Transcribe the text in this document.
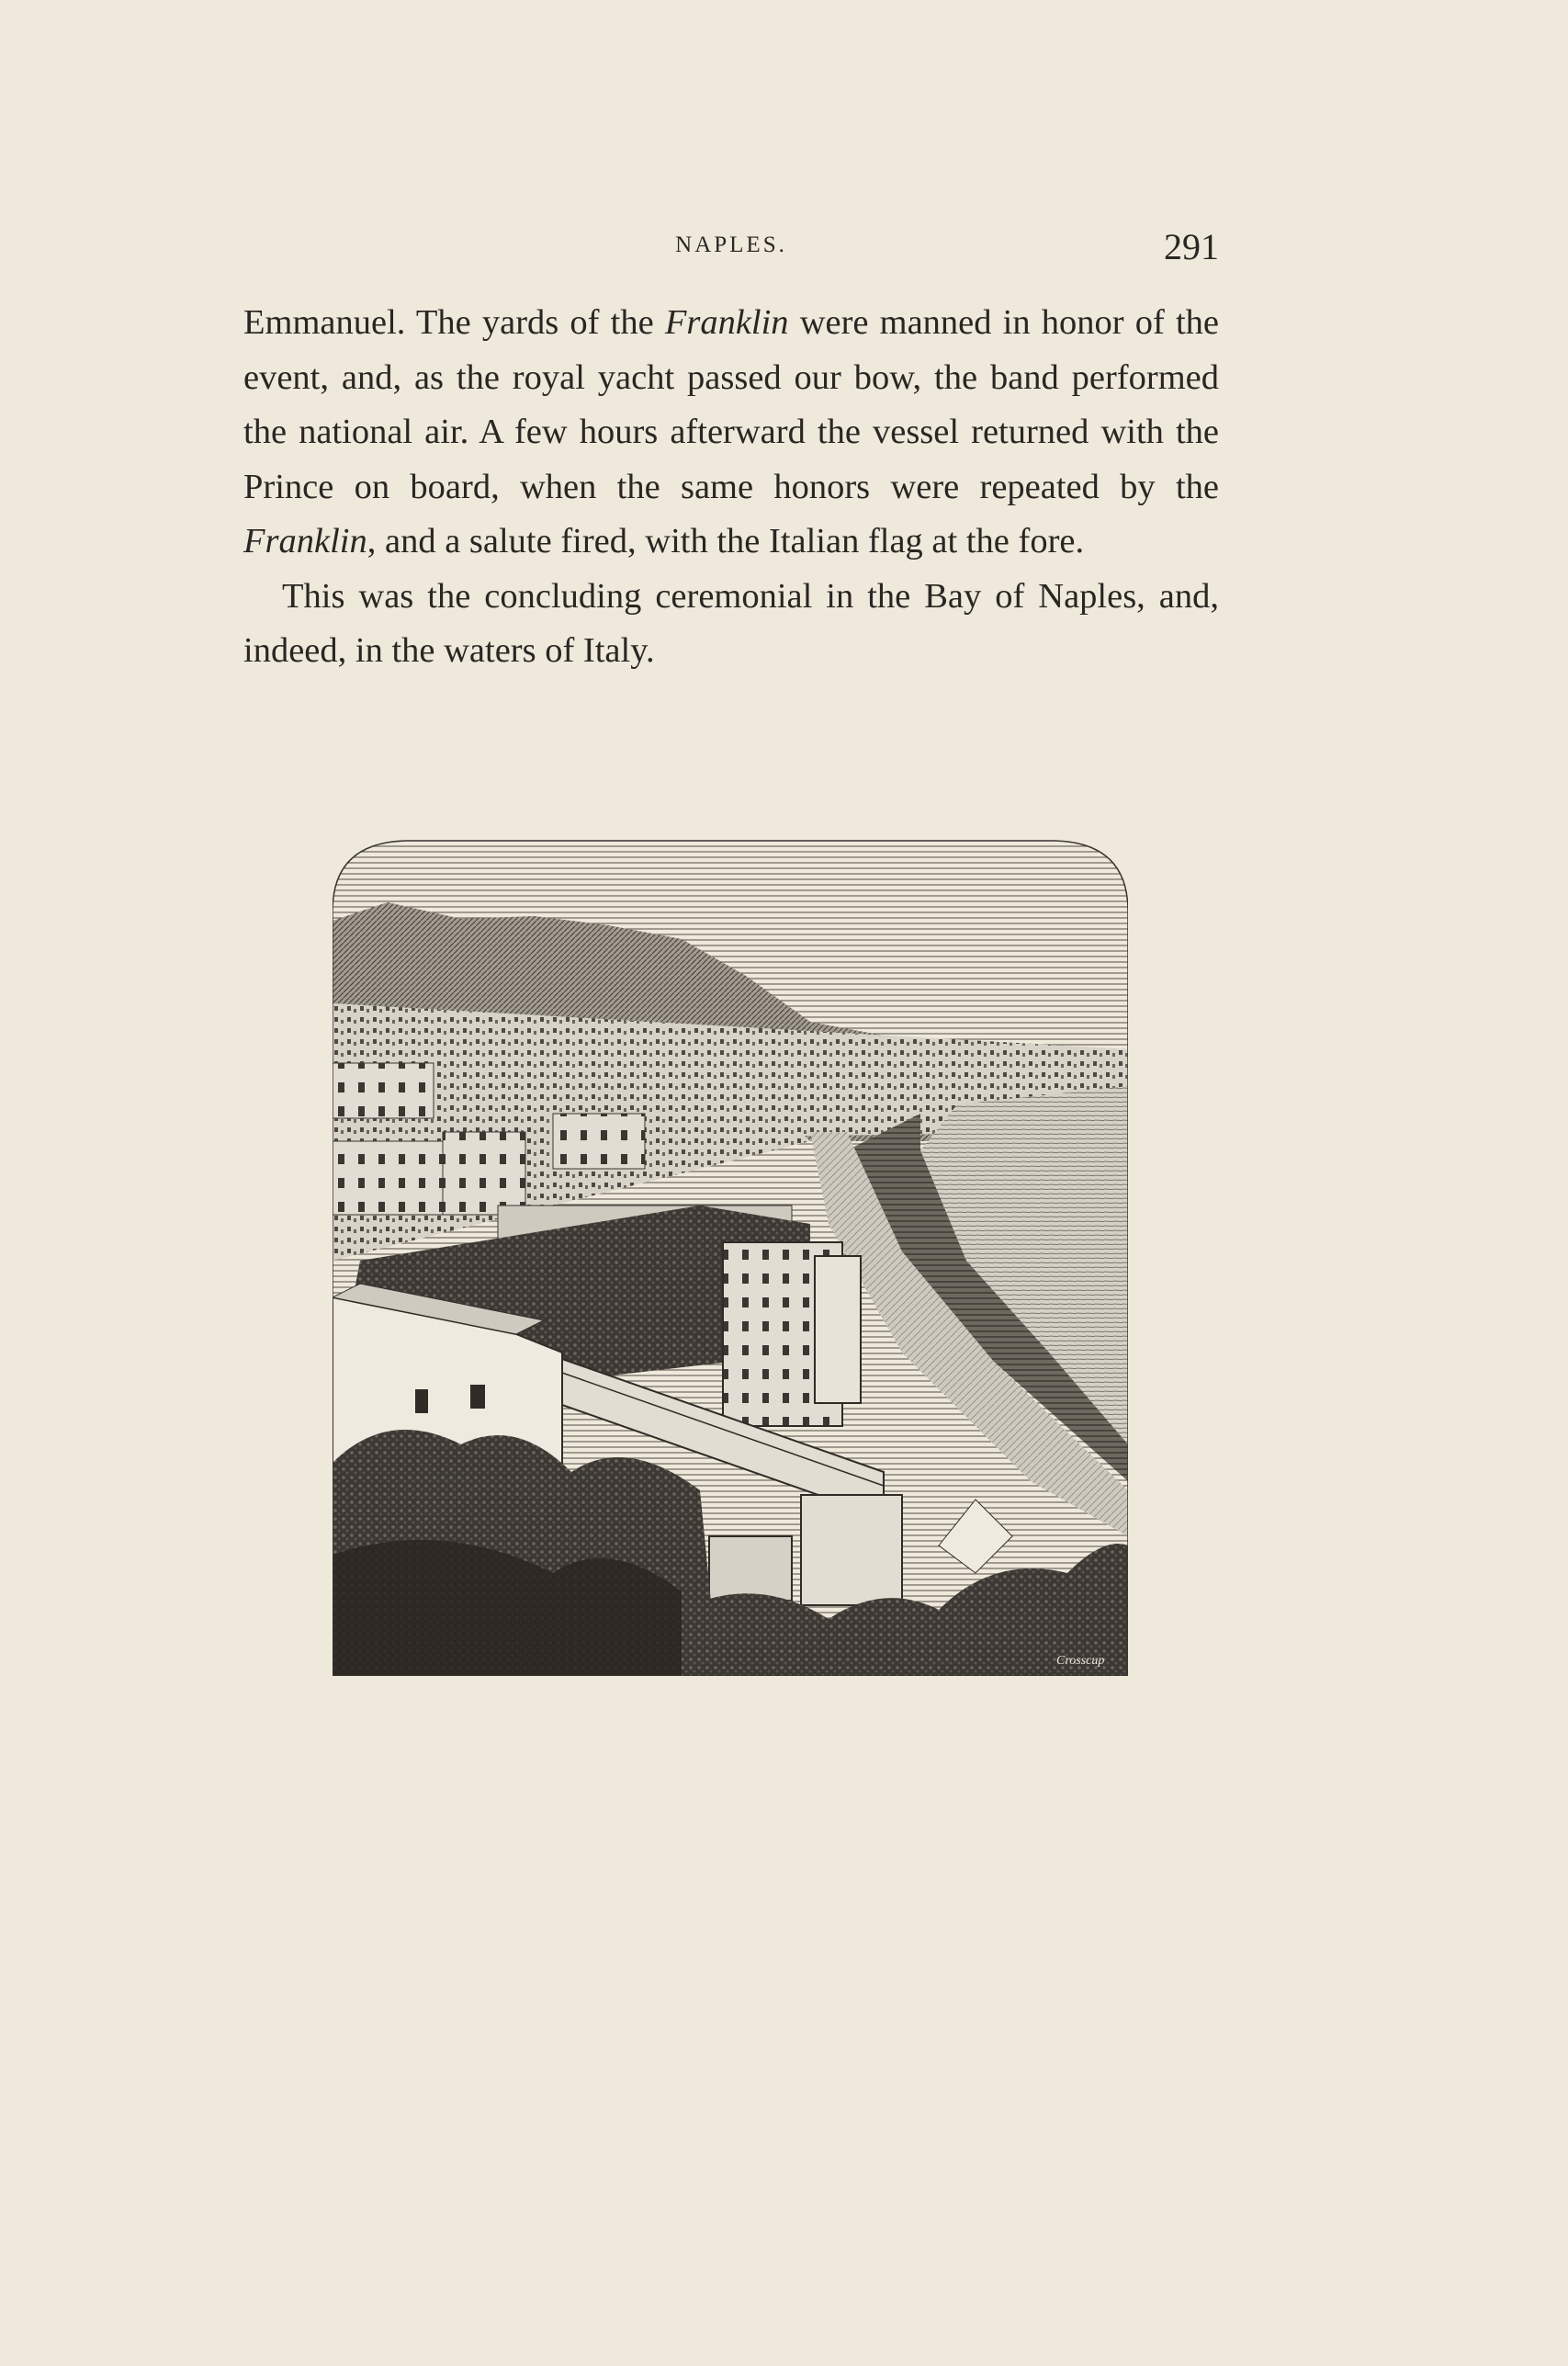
NAPLES.	291

Emmanuel. The yards of the Franklin were manned in honor of the event, and, as the royal yacht passed our bow, the band performed the national air. A few hours afterward the vessel returned with the Prince on board, when the same honors were repeated by the Franklin, and a salute fired, with the Italian flag at the fore.

This was the concluding ceremonial in the Bay of Naples, and, indeed, in the waters of Italy.

Crosscup
